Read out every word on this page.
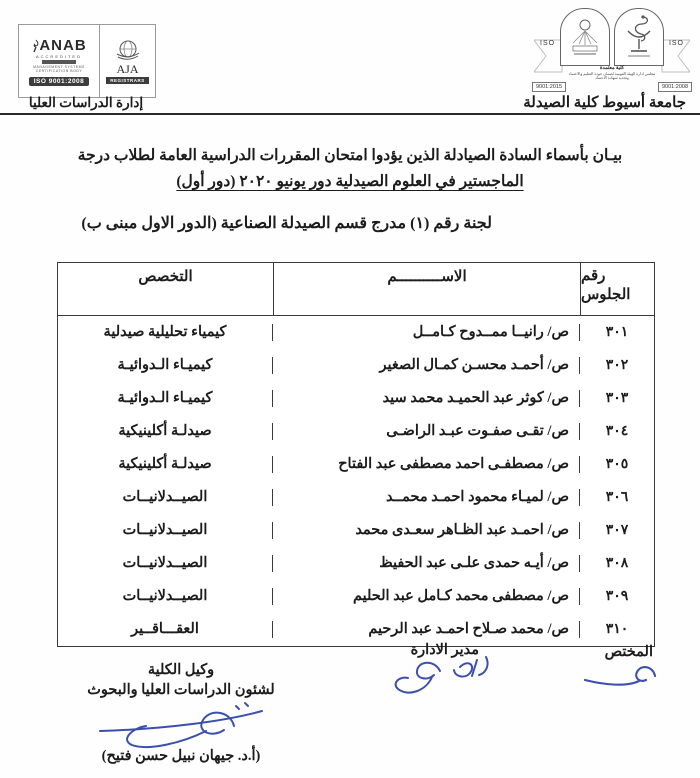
ANAB
ACCREDITED
MANAGEMENT SYSTEMS
CERTIFICATION BODY
ISO 9001:2008
AJA
REGISTRARS
إدارة الدراسات العليا
ISO	ISO
كلية معتمدة
مجلس ادارة الهيئة القومية لضمان جودة التعليم والاعتماد
وتجديد شهادة الاعتماد
9001:2015	9001:2008
جامعة أسيوط كلية الصيدلة
بيـان بأسماء السادة الصيادلة الذين يؤدوا امتحان المقررات الدراسية العامة لطلاب درجة
الماجستير في العلوم الصيدلية دور يونيو ٢٠٢٠ (دور أول)
لجنة رقم (١) مدرج قسم الصيدلة الصناعية (الدور الاول مبنى ب)
رقم
الجلوس
الاســــــــــم
التخصص
٣٠١
ص/ رانيــا ممــدوح كـامــل
كيمياء تحليلية صيدلية
٣٠٢
ص/ أحمـد محسـن كمـال الصغير
كيميـاء الـدوائيـة
٣٠٣
ص/ كوثر عبد الحميـد محمد سيد
كيميـاء الـدوائيـة
٣٠٤
ص/ تقـى صفـوت عبـد الراضـى
صيدلـة أكلينيكية
٣٠٥
ص/ مصطفـى احمد مصطفى عبد الفتاح
صيدلـة أكلينيكية
٣٠٦
ص/ لميـاء محمود احمـد محمــد
الصيــدلانيــات
٣٠٧
ص/ احمـد عبد الظـاهر سعـدى محمد
الصيــدلانيــات
٣٠٨
ص/ أيـه حمدى علـى عبد الحفيظ
الصيــدلانيــات
٣٠٩
ص/ مصطفى محمد كـامل عبد الحليم
الصيــدلانيــات
٣١٠
ص/ محمد صـلاح احمـد عبد الرحيم
العقـــاقــير
المختص
مدير الادارة
وكيل الكلية
لشئون الدراسات العليا والبحوث
(أ.د. جيهان نبيل حسن فتيح)
